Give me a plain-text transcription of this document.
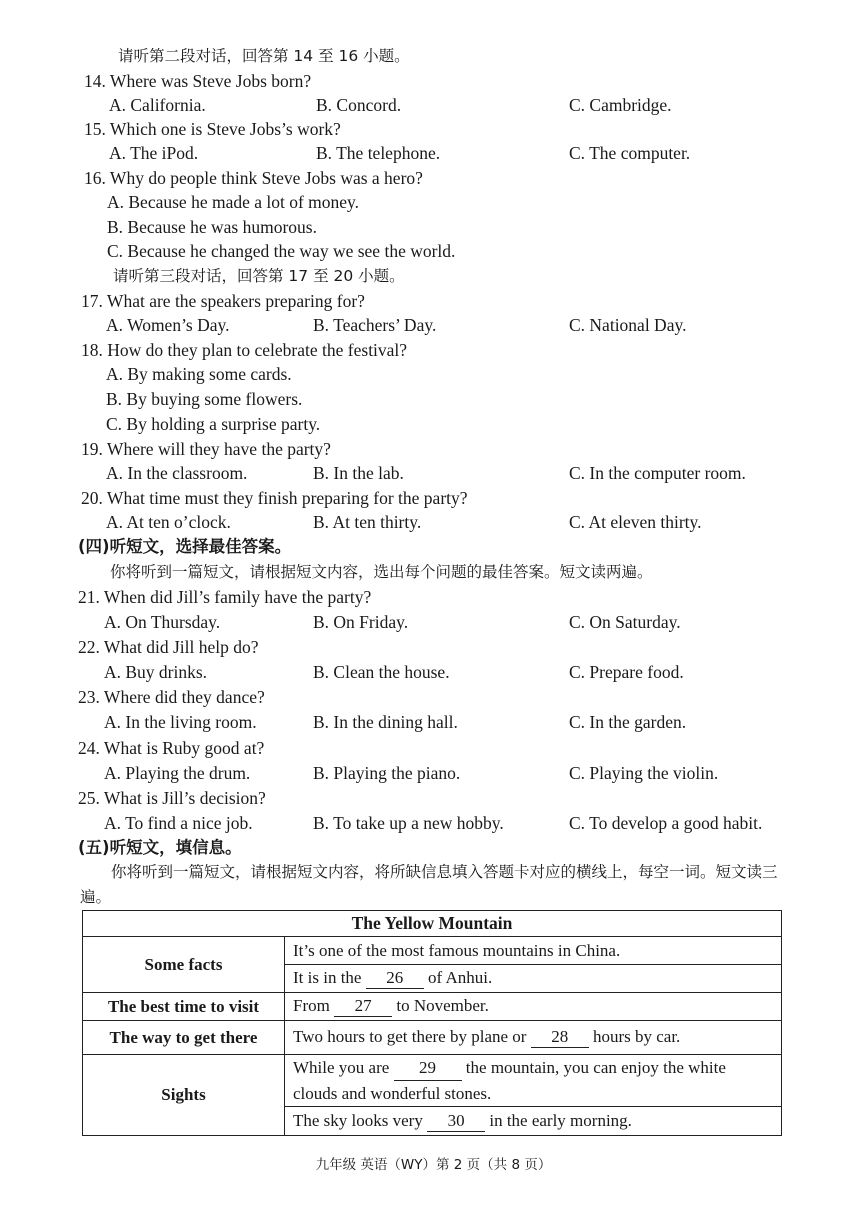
请听第二段对话，回答第 14 至 16 小题。
14. Where was Steve Jobs born?
A. California.	B. Concord.	C. Cambridge.
15. Which one is Steve Jobs’s work?
A. The iPod.	B. The telephone.	C. The computer.
16. Why do people think Steve Jobs was a hero?
A. Because he made a lot of money.
B. Because he was humorous.
C. Because he changed the way we see the world.
请听第三段对话，回答第 17 至 20 小题。
17. What are the speakers preparing for?
A. Women’s Day.	B. Teachers’ Day.	C. National Day.
18. How do they plan to celebrate the festival?
A. By making some cards.
B. By buying some flowers.
C. By holding a surprise party.
19. Where will they have the party?
A. In the classroom.	B. In the lab.	C. In the computer room.
20. What time must they finish preparing for the party?
A. At ten o’clock.	B. At ten thirty.	C. At eleven thirty.
(四)听短文，选择最佳答案。
你将听到一篇短文，请根据短文内容，选出每个问题的最佳答案。短文读两遍。
21. When did Jill’s family have the party?
A. On Thursday.	B. On Friday.	C. On Saturday.
22. What did Jill help do?
A. Buy drinks.	B. Clean the house.	C. Prepare food.
23. Where did they dance?
A. In the living room.	B. In the dining hall.	C. In the garden.
24. What is Ruby good at?
A. Playing the drum.	B. Playing the piano.	C. Playing the violin.
25. What is Jill’s decision?
A. To find a nice job.	B. To take up a new hobby.	C. To develop a good habit.
(五)听短文，填信息。
你将听到一篇短文，请根据短文内容，将所缺信息填入答题卡对应的横线上，每空一词。短文读三遍。
The Yellow Mountain	
Some facts	It’s one of the most famous mountains in China.
	It is in the 26 of Anhui.
The best time to visit	From 27 to November.
The way to get there	Two hours to get there by plane or 28 hours by car.
Sights	While you are 29 the mountain, you can enjoy the white clouds and wonderful stones.
	The sky looks very 30 in the early morning.
九年级 英语（WY）第 2 页（共 8 页）
